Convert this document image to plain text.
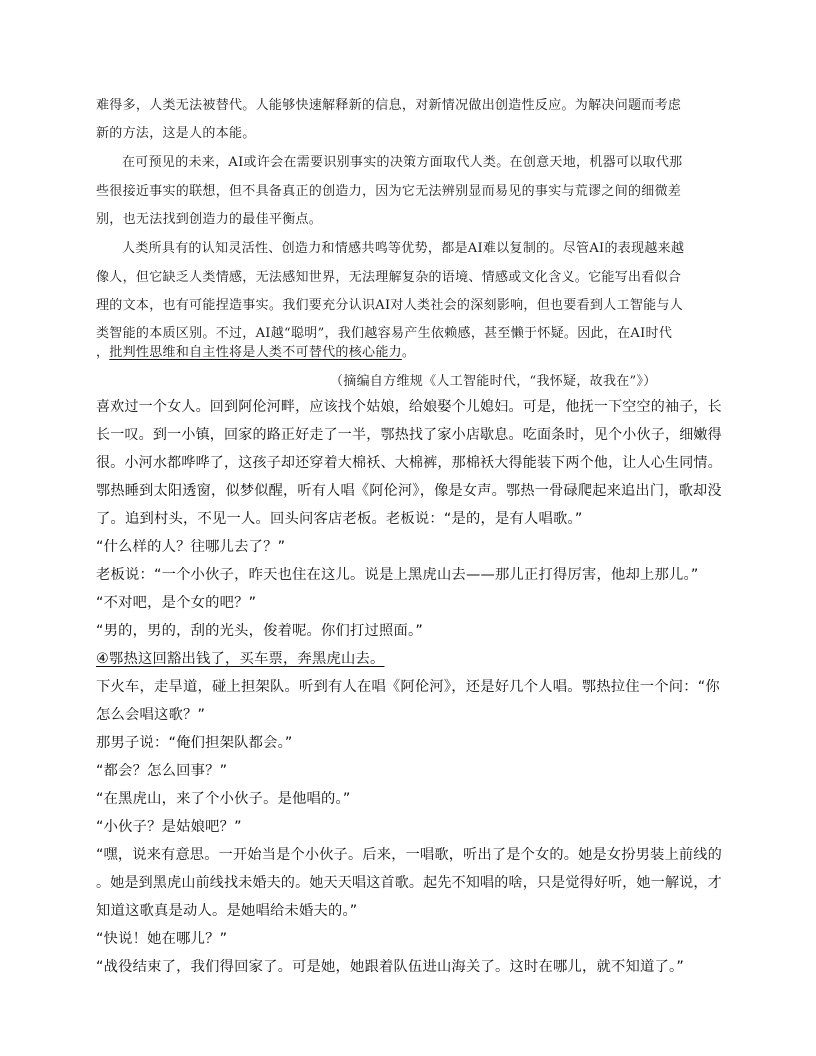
难得多，人类无法被替代。人能够快速解释新的信息，对新情况做出创造性反应。为解决问题而考虑
新的方法，这是人的本能。
在可预见的未来，AI或许会在需要识别事实的决策方面取代人类。在创意天地，机器可以取代那
些很接近事实的联想，但不具备真正的创造力，因为它无法辨别显而易见的事实与荒谬之间的细微差
别，也无法找到创造力的最佳平衡点。
人类所具有的认知灵活性、创造力和情感共鸣等优势，都是AI难以复制的。尽管AI的表现越来越
像人，但它缺乏人类情感，无法感知世界，无法理解复杂的语境、情感或文化含义。它能写出看似合
理的文本，也有可能捏造事实。我们要充分认识AI对人类社会的深刻影响，但也要看到人工智能与人
类智能的本质区别。不过，AI越“聪明”，我们越容易产生依赖感，甚至懒于怀疑。因此，在AI时代
，批判性思维和自主性将是人类不可替代的核心能力。
（摘编自方维规《人工智能时代，“我怀疑，故我在”》）
喜欢过一个女人。回到阿伦河畔，应该找个姑娘，给娘娶个儿媳妇。可是，他抚一下空空的袖子，长
长一叹。到一小镇，回家的路正好走了一半，鄂热找了家小店歇息。吃面条时，见个小伙子，细嫩得
很。小河水都哗哗了，这孩子却还穿着大棉袄、大棉裤，那棉袄大得能装下两个他，让人心生同情。
鄂热睡到太阳透窗，似梦似醒，听有人唱《阿伦河》，像是女声。鄂热一骨碌爬起来追出门，歌却没
了。追到村头，不见一人。回头问客店老板。老板说：“是的，是有人唱歌。”
“什么样的人？往哪儿去了？”
老板说：“一个小伙子，昨天也住在这儿。说是上黑虎山去——那儿正打得厉害，他却上那儿。”
“不对吧，是个女的吧？”
“男的，男的，刮的光头，俊着呢。你们打过照面。”
④鄂热这回豁出钱了，买车票，奔黑虎山去。
下火车，走旱道，碰上担架队。听到有人在唱《阿伦河》，还是好几个人唱。鄂热拉住一个问：“你
怎么会唱这歌？”
那男子说：“俺们担架队都会。”
“都会？怎么回事？”
“在黑虎山，来了个小伙子。是他唱的。”
“小伙子？是姑娘吧？”
“嘿，说来有意思。一开始当是个小伙子。后来，一唱歌，听出了是个女的。她是女扮男装上前线的
。她是到黑虎山前线找未婚夫的。她天天唱这首歌。起先不知唱的啥，只是觉得好听，她一解说，才
知道这歌真是动人。是她唱给未婚夫的。”
“快说！她在哪儿？”
“战役结束了，我们得回家了。可是她，她跟着队伍进山海关了。这时在哪儿，就不知道了。”
